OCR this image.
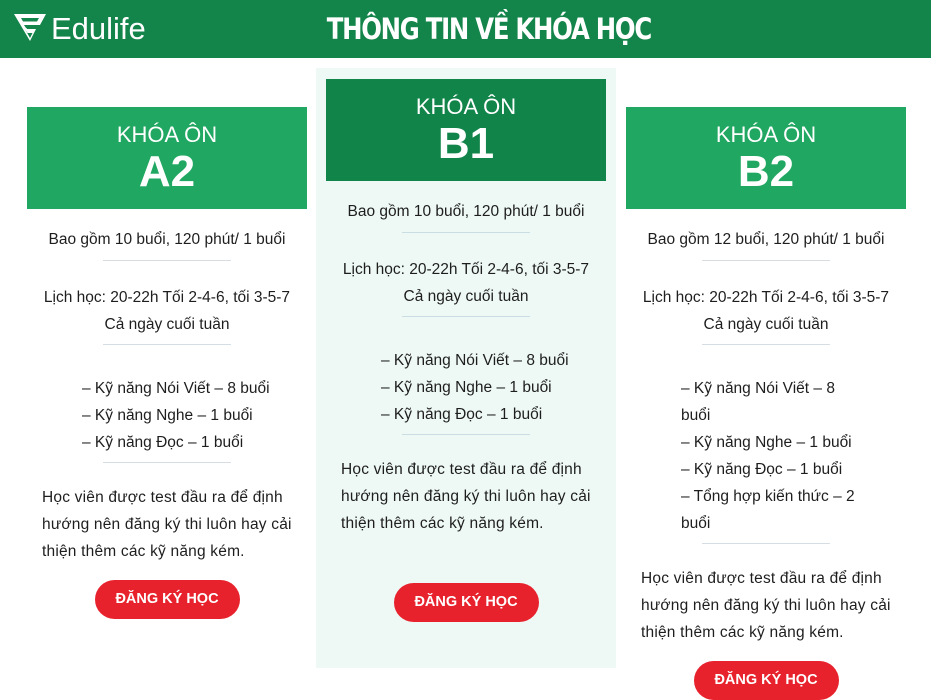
Edulife	THÔNG TIN VỀ KHÓA HỌC
KHÓA ÔN
A2
Bao gồm 10 buổi, 120 phút/ 1 buổi
Lịch học: 20-22h Tối 2-4-6, tối 3-5-7
Cả ngày cuối tuần
– Kỹ năng Nói Viết – 8 buổi
– Kỹ năng Nghe – 1 buổi
– Kỹ năng Đọc – 1 buổi
Học viên được test đầu ra để định hướng nên đăng ký thi luôn hay cải thiện thêm các kỹ năng kém.
ĐĂNG KÝ HỌC
KHÓA ÔN
B1
Bao gồm 10 buổi, 120 phút/ 1 buổi
Lịch học: 20-22h Tối 2-4-6, tối 3-5-7
Cả ngày cuối tuần
– Kỹ năng Nói Viết – 8 buổi
– Kỹ năng Nghe – 1 buổi
– Kỹ năng Đọc – 1 buổi
Học viên được test đầu ra để định hướng nên đăng ký thi luôn hay cải thiện thêm các kỹ năng kém.
ĐĂNG KÝ HỌC
KHÓA ÔN
B2
Bao gồm 12 buổi, 120 phút/ 1 buổi
Lịch học: 20-22h Tối 2-4-6, tối 3-5-7
Cả ngày cuối tuần
– Kỹ năng Nói Viết – 8 buổi
– Kỹ năng Nghe – 1 buổi
– Kỹ năng Đọc – 1 buổi
– Tổng hợp kiến thức – 2 buổi
Học viên được test đầu ra để định hướng nên đăng ký thi luôn hay cải thiện thêm các kỹ năng kém.
ĐĂNG KÝ HỌC
